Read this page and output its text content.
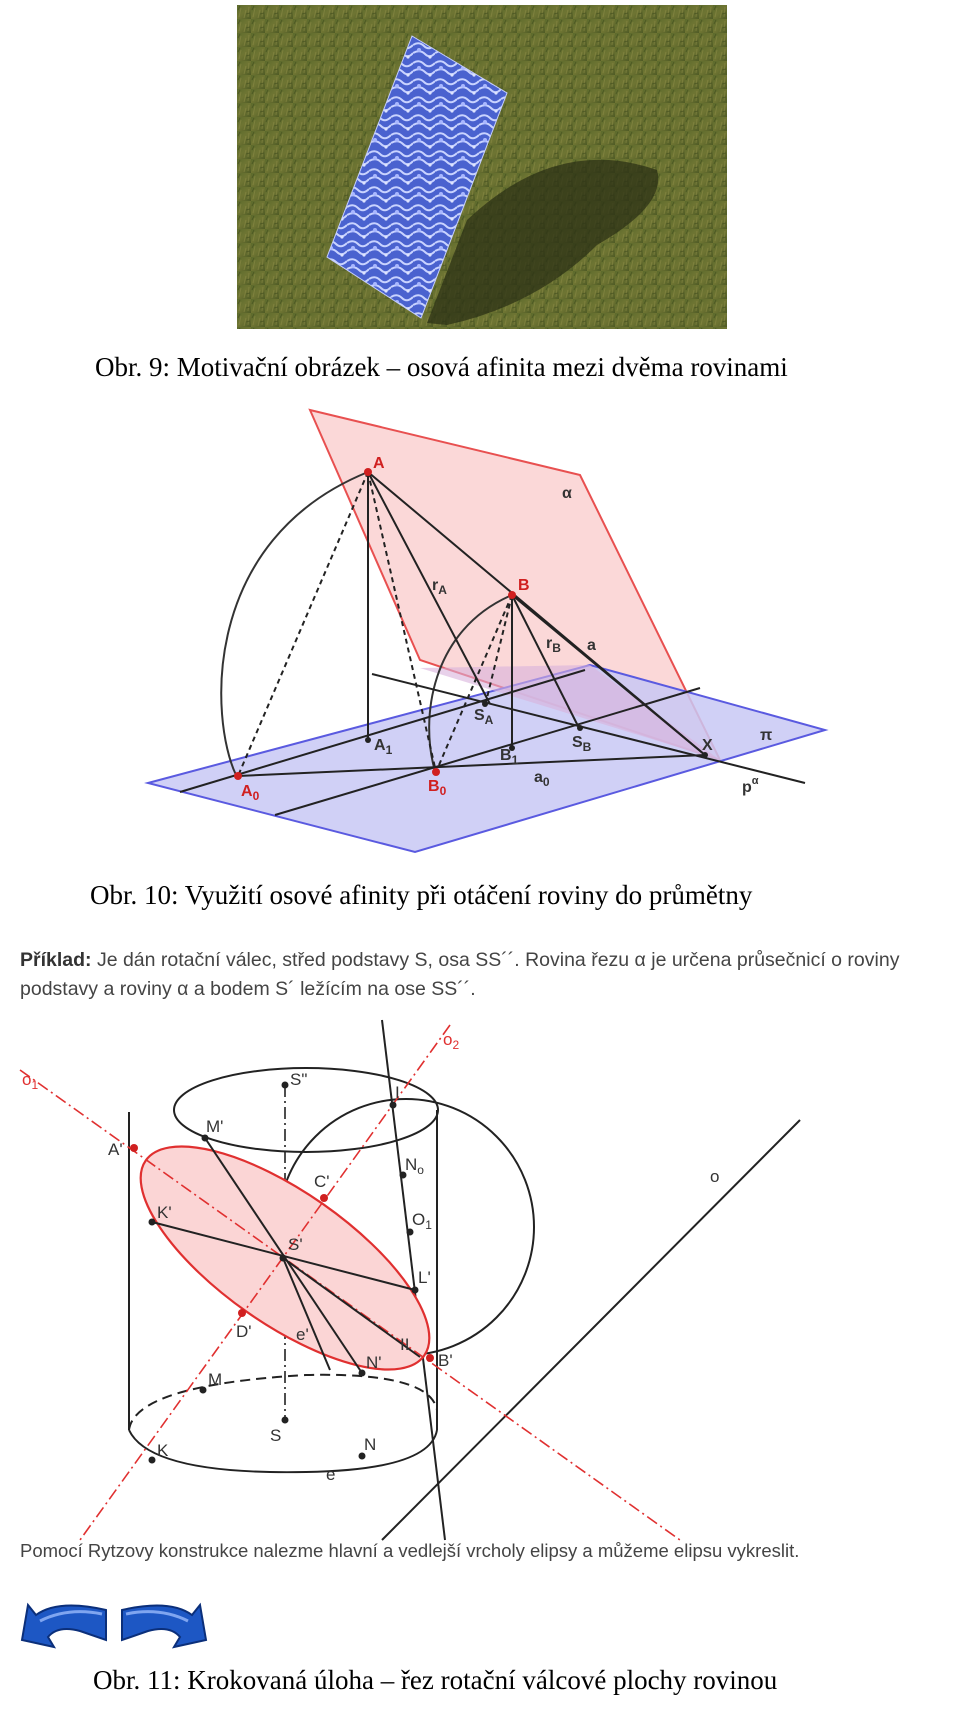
Obr. 9: Motivační obrázek – osová afinita mezi dvěma rovinami
A
B
α
π
$r_A$
$r_B$ a
$S_A$
$S_B$	X
$A_1$	$B_1$
$a_0$
$A_0$
$B_0$	$p^\alpha$
Obr. 10: Využití osové afinity při otáčení roviny do průmětny
Příklad: Je dán rotační válec, střed podstavy S, osa SS´´. Rovina řezu α je určena průsečnicí o roviny podstavy a roviny α a bodem S´ ležícím na ose SS´´.
$o_1$
$o_2$
S"
M'
A'
I
$N_o$
C'	o
K'
S'
$O_1$
L'
D'	e'
N'
II
B'
M
S	N
K
e
Pomocí Rytzovy konstrukce nalezme hlavní a vedlejší vrcholy elipsy a můžeme elipsu vykreslit.
Obr. 11: Krokovaná úloha – řez rotační válcové plochy rovinou
